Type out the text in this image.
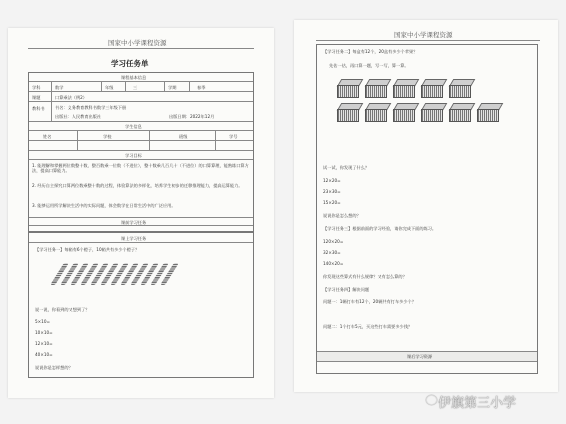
国家中小学课程资源
学习任务单
课程基本信息
学科	数学	年级	三	学期	春季
课题	口算乘法（例2）
教科书 书名：义务教育教科书数学三年级下册
出版社：人民教育出版社	出版日期：2022年12月
学生信息
姓名	学校	班级	学号
学习目标
1. 能理解和掌握两位数整十数、整百数乘一位数（不进位），整十数乘几百几十（不进位）的口算算理，能熟练口算方法，提高口算能力。
2. 经历自主探究口算两位数乘整十数的过程，体验算法的多样化，培养学生初步的迁移推理能力，提高运算能力。
3. 能够运用所学解决生活中的实际问题，体会数学在日常生活中的广泛应用。
课前学习任务
课上学习任务
【学习任务一】每箱有6个橙子，10箱共有多少个橙子？
说一说，你看到的又想到了？
5×10=
10×10=
12×10=
40×10=
说说你是怎样想的？
国家中小学课程资源
【学习任务二】每盒有12个，20盒有多少个苹果？
先估一估，再口算一题，写一写，算一算。
试一试，你发现了什么？
12×20=
23×30=
15×20=
说说你是怎么想的？
【学习任务三】根据前面的学习经验，请你完成下面的练习。
120×20=
32×30=
140×20=
你发现这些算式有什么规律？又有怎么算的？
【学习任务四】解决问题
问题一：1辆打车有12个，20辆共有打车多少个？
问题二：1个打车5元，买这些打车需要多少钱？
课后学习资源
伊旗第三小学
